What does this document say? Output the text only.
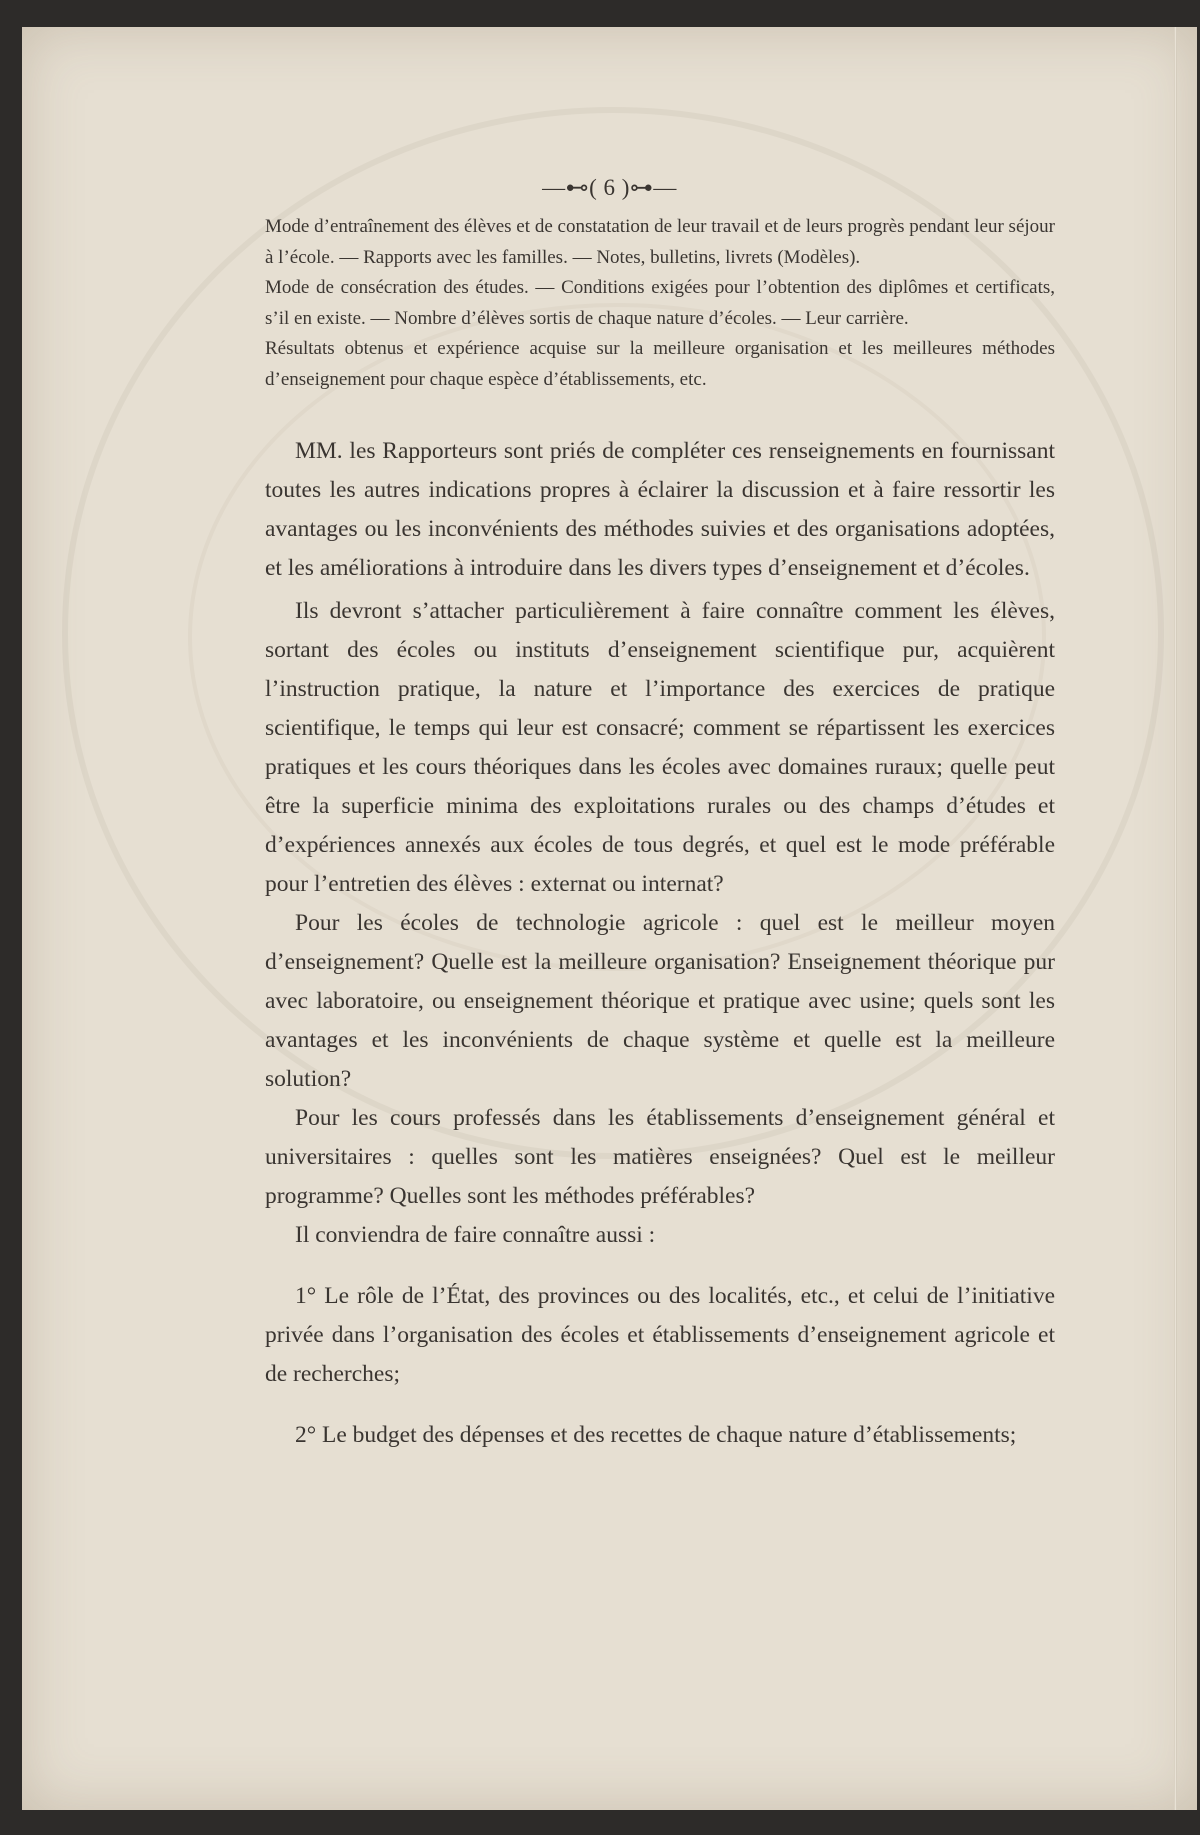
—⊷( 6 )⊶—

Mode d’entraînement des élèves et de constatation de leur travail et de leurs progrès pendant leur séjour à l’école. — Rapports avec les familles. — Notes, bulletins, livrets (Modèles).

Mode de consécration des études. — Conditions exigées pour l’obtention des diplômes et certificats, s’il en existe. — Nombre d’élèves sortis de chaque nature d’écoles. — Leur carrière.

Résultats obtenus et expérience acquise sur la meilleure organisation et les meilleures méthodes d’enseignement pour chaque espèce d’établissements, etc.

MM. les Rapporteurs sont priés de compléter ces renseignements en fournissant toutes les autres indications propres à éclairer la discussion et à faire ressortir les avantages ou les inconvénients des méthodes suivies et des organisations adoptées, et les améliorations à introduire dans les divers types d’enseignement et d’écoles.

Ils devront s’attacher particulièrement à faire connaître comment les élèves, sortant des écoles ou instituts d’enseignement scientifique pur, acquièrent l’instruction pratique, la nature et l’importance des exercices de pratique scientifique, le temps qui leur est consacré; comment se répartissent les exercices pratiques et les cours théoriques dans les écoles avec domaines ruraux; quelle peut être la superficie minima des exploitations rurales ou des champs d’études et d’expériences annexés aux écoles de tous degrés, et quel est le mode préférable pour l’entretien des élèves : externat ou internat?

Pour les écoles de technologie agricole : quel est le meilleur moyen d’enseignement? Quelle est la meilleure organisation? Enseignement théorique pur avec laboratoire, ou enseignement théorique et pratique avec usine; quels sont les avantages et les inconvénients de chaque système et quelle est la meilleure solution?

Pour les cours professés dans les établissements d’enseignement général et universitaires : quelles sont les matières enseignées? Quel est le meilleur programme? Quelles sont les méthodes préférables?

Il conviendra de faire connaître aussi :

1° Le rôle de l’État, des provinces ou des localités, etc., et celui de l’initiative privée dans l’organisation des écoles et établissements d’enseignement agricole et de recherches;

2° Le budget des dépenses et des recettes de chaque nature d’établissements;
